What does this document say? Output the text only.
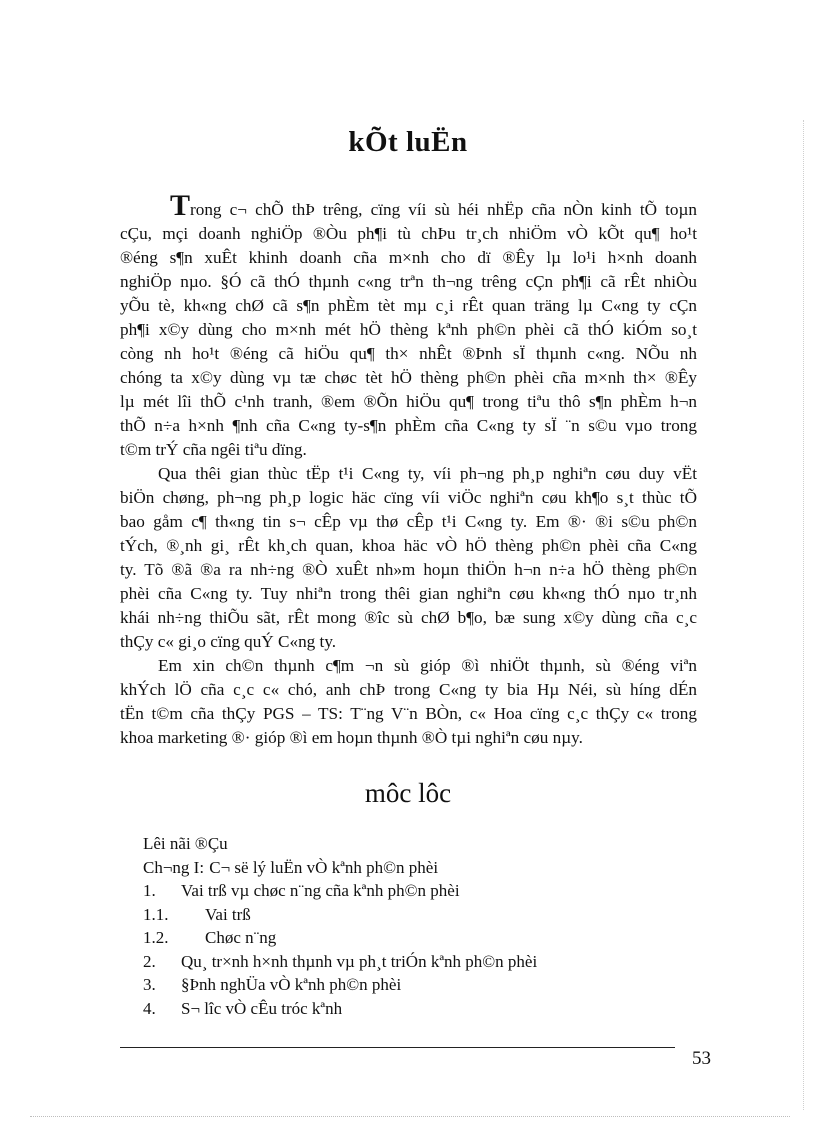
kÕt luËn

Trong c¬ chÕ thÞ trêng, cïng víi sù héi nhËp cña nÒn kinh tÕ toµn
cÇu, mçi doanh nghiÖp ®Òu ph¶i tù chÞu tr¸ch nhiÖm vÒ kÕt qu¶ ho¹t
®éng s¶n xuÊt khinh doanh cña m×nh cho dï ®Êy lµ lo¹i h×nh doanh
nghiÖp nµo. §Ó cã thÓ thµnh c«ng trªn th¬ng trêng cÇn ph¶i cã rÊt nhiÒu
yÕu tè, kh«ng chØ cã s¶n phÈm tèt mµ c¸i rÊt quan träng lµ C«ng ty cÇn
ph¶i x©y dùng cho m×nh mét hÖ thèng kªnh ph©n phèi cã thÓ kiÓm so¸t
còng nh ho¹t ®éng cã hiÖu qu¶ th× nhÊt ®Þnh sÏ thµnh c«ng. NÕu nh
chóng ta x©y dùng vµ tæ chøc tèt hÖ thèng ph©n phèi cña m×nh th× ®Êy
lµ mét lîi thÕ c¹nh tranh, ®em ®Õn hiÖu qu¶ trong tiªu thô s¶n phÈm h¬n
thÕ n÷a h×nh ¶nh cña C«ng ty-s¶n phÈm cña C«ng ty sÏ ¨n s©u vµo trong
t©m trÝ cña ngêi tiªu dïng.

Qua thêi gian thùc tËp t¹i C«ng ty, víi ph¬ng ph¸p nghiªn cøu duy vËt
biÖn chøng, ph¬ng ph¸p logic häc cïng víi viÖc nghiªn cøu kh¶o s¸t thùc tÕ
bao gåm c¶ th«ng tin s¬ cÊp vµ thø cÊp t¹i C«ng ty. Em ®· ®i s©u ph©n
tÝch, ®¸nh gi¸ rÊt kh¸ch quan, khoa häc vÒ hÖ thèng ph©n phèi cña C«ng
ty. Tõ ®ã ®a ra nh÷ng ®Ò xuÊt nh»m hoµn thiÖn h¬n n÷a hÖ thèng ph©n
phèi cña C«ng ty. Tuy nhiªn trong thêi gian nghiªn cøu kh«ng thÓ nµo tr¸nh
khái nh÷ng thiÕu sãt, rÊt mong ®îc sù chØ b¶o, bæ sung x©y dùng cña c¸c
thÇy c« gi¸o cïng quÝ C«ng ty.

Em xin ch©n thµnh c¶m ¬n sù gióp ®ì nhiÖt thµnh, sù ®éng viªn
khÝch lÖ cña c¸c c« chó, anh chÞ trong C«ng ty bia Hµ Néi, sù híng dÉn
tËn t©m cña thÇy PGS – TS: T¨ng V¨n BÒn, c« Hoa cïng c¸c thÇy c« trong
khoa marketing ®· gióp ®ì em hoµn thµnh ®Ò tµi nghiªn cøu nµy.

môc lôc
Lêi nãi ®Çu
Ch¬ng I: C¬ së lý luËn vÒ kªnh ph©n phèi
1. Vai trß vµ chøc n¨ng cña kªnh ph©n phèi
1.1. Vai trß
1.2. Chøc n¨ng
2. Qu¸ tr×nh h×nh thµnh vµ ph¸t triÓn kªnh ph©n phèi
3. §Þnh nghÜa vÒ kªnh ph©n phèi
4. S¬ lîc vÒ cÊu tróc kªnh
53
